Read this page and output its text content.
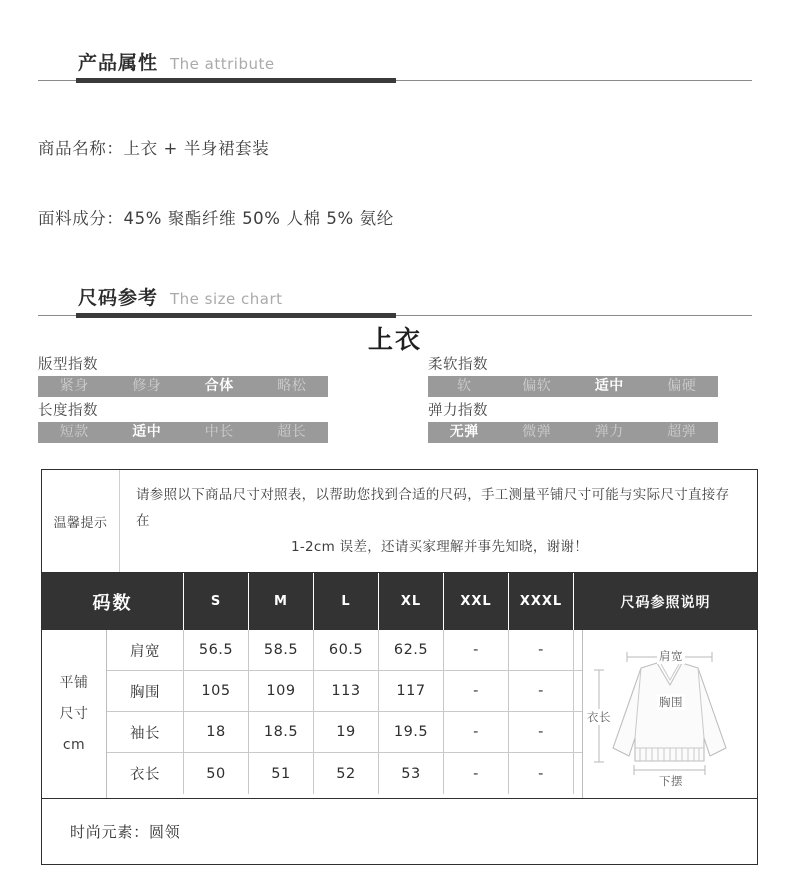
产品属性 The attribute
商品名称：上衣 + 半身裙套装
面料成分：45% 聚酯纤维 50% 人棉 5% 氨纶
尺码参考 The size chart
上衣
版型指数
紧身	修身	合体	略松
长度指数
短款	适中	中长	超长
柔软指数
软	偏软	适中	偏硬
弹力指数
无弹	微弹	弹力	超弹
温馨提示
请参照以下商品尺寸对照表，以帮助您找到合适的尺码，手工测量平铺尺寸可能与实际尺寸直接存在
1-2cm 误差，还请买家理解并事先知晓，谢谢！
码数	S	M	L	XL	XXL	XXXL	尺码参照说明
平铺
尺寸
cm
肩宽	56.5	58.5	60.5	62.5	-	-
胸围	105	109	113	117	-	-
袖长	18	18.5	19	19.5	-	-
衣长	50	51	52	53	-	-
肩宽
衣长
胸围
下摆
时尚元素：圆领
